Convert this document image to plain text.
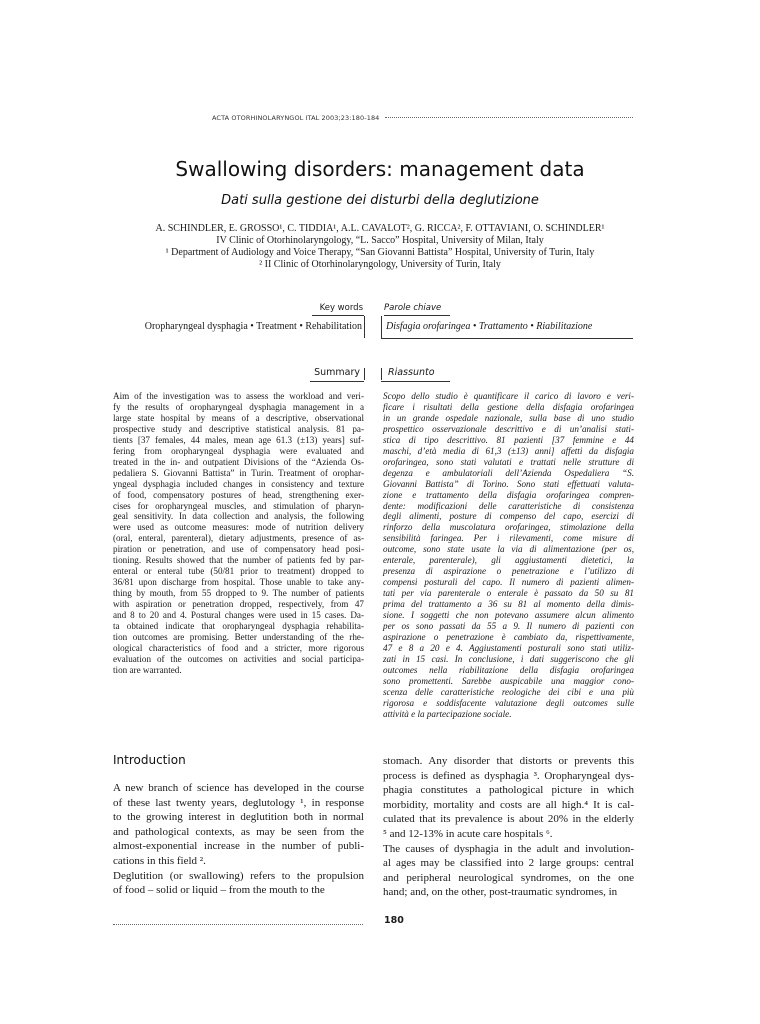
ACTA OTORHINOLARYNGOL ITAL 2003;23:180-184
Swallowing disorders: management data
Dati sulla gestione dei disturbi della deglutizione
A. SCHINDLER, E. GROSSO¹, C. TIDDIA¹, A.L. CAVALOT², G. RICCA², F. OTTAVIANI, O. SCHINDLER¹
IV Clinic of Otorhinolaryngology, “L. Sacco” Hospital, University of Milan, Italy
¹ Department of Audiology and Voice Therapy, “San Giovanni Battista” Hospital, University of Turin, Italy
² II Clinic of Otorhinolaryngology, University of Turin, Italy
Key words Parole chiave
Oropharyngeal dysphagia • Treatment • Rehabilitation Disfagia orofaringea • Trattamento • Riabilitazione
Summary	Riassunto
Aim of the investigation was to assess the workload and veri-
fy the results of oropharyngeal dysphagia management in a
large state hospital by means of a descriptive, observational
prospective study and descriptive statistical analysis. 81 pa-
tients [37 females, 44 males, mean age 61.3 (±13) years] suf-
fering from oropharyngeal dysphagia were evaluated and
treated in the in- and outpatient Divisions of the “Azienda Os-
pedaliera S. Giovanni Battista” in Turin. Treatment of orophar-
yngeal dysphagia included changes in consistency and texture
of food, compensatory postures of head, strengthening exer-
cises for oropharyngeal muscles, and stimulation of pharyn-
geal sensitivity. In data collection and analysis, the following
were used as outcome measures: mode of nutrition delivery
(oral, enteral, parenteral), dietary adjustments, presence of as-
piration or penetration, and use of compensatory head posi-
tioning. Results showed that the number of patients fed by par-
enteral or enteral tube (50/81 prior to treatment) dropped to
36/81 upon discharge from hospital. Those unable to take any-
thing by mouth, from 55 dropped to 9. The number of patients
with aspiration or penetration dropped, respectively, from 47
and 8 to 20 and 4. Postural changes were used in 15 cases. Da-
ta obtained indicate that oropharyngeal dysphagia rehabilita-
tion outcomes are promising. Better understanding of the rhe-
ological characteristics of food and a stricter, more rigorous
evaluation of the outcomes on activities and social participa-
tion are warranted.
Scopo dello studio è quantificare il carico di lavoro e veri-
ficare i risultati della gestione della disfagia orofaringea
in un grande ospedale nazionale, sulla base di uno studio
prospettico osservazionale descrittivo e di un’analisi stati-
stica di tipo descrittivo. 81 pazienti [37 femmine e 44
maschi, d’età media di 61,3 (±13) anni] affetti da disfagia
orofaringea, sono stati valutati e trattati nelle strutture di
degenza e ambulatoriali dell’Azienda Ospedaliera “S.
Giovanni Battista” di Torino. Sono stati effettuati valuta-
zione e trattamento della disfagia orofaringea compren-
dente: modificazioni delle caratteristiche di consistenza
degli alimenti, posture di compenso del capo, esercizi di
rinforzo della muscolatura orofaringea, stimolazione della
sensibilità faringea. Per i rilevamenti, come misure di
outcome, sono state usate la via di alimentazione (per os,
enterale, parenterale), gli aggiustamenti dietetici, la
presenza di aspirazione o penetrazione e l’utilizzo di
compensi posturali del capo. Il numero di pazienti alimen-
tati per via parenterale o enterale è passato da 50 su 81
prima del trattamento a 36 su 81 al momento della dimis-
sione. I soggetti che non potevano assumere alcun alimento
per os sono passati da 55 a 9. Il numero di pazienti con
aspirazione o penetrazione è cambiato da, rispettivamente,
47 e 8 a 20 e 4. Aggiustamenti posturali sono stati utiliz-
zati in 15 casi. In conclusione, i dati suggeriscono che gli
outcomes nella riabilitazione della disfagia orofaringea
sono promettenti. Sarebbe auspicabile una maggior cono-
scenza delle caratteristiche reologiche dei cibi e una più
rigorosa e soddisfacente valutazione degli outcomes sulle
attività e la partecipazione sociale.
Introduction
A new branch of science has developed in the course
of these last twenty years, deglutology ¹, in response
to the growing interest in deglutition both in normal
and pathological contexts, as may be seen from the
almost-exponential increase in the number of publi-
cations in this field ².
Deglutition (or swallowing) refers to the propulsion
of food – solid or liquid – from the mouth to the
stomach. Any disorder that distorts or prevents this
process is defined as dysphagia ³. Oropharyngeal dys-
phagia constitutes a pathological picture in which
morbidity, mortality and costs are all high.⁴ It is cal-
culated that its prevalence is about 20% in the elderly
⁵ and 12-13% in acute care hospitals ⁶.
The causes of dysphagia in the adult and involution-
al ages may be classified into 2 large groups: central
and peripheral neurological syndromes, on the one
hand; and, on the other, post-traumatic syndromes, in
180
